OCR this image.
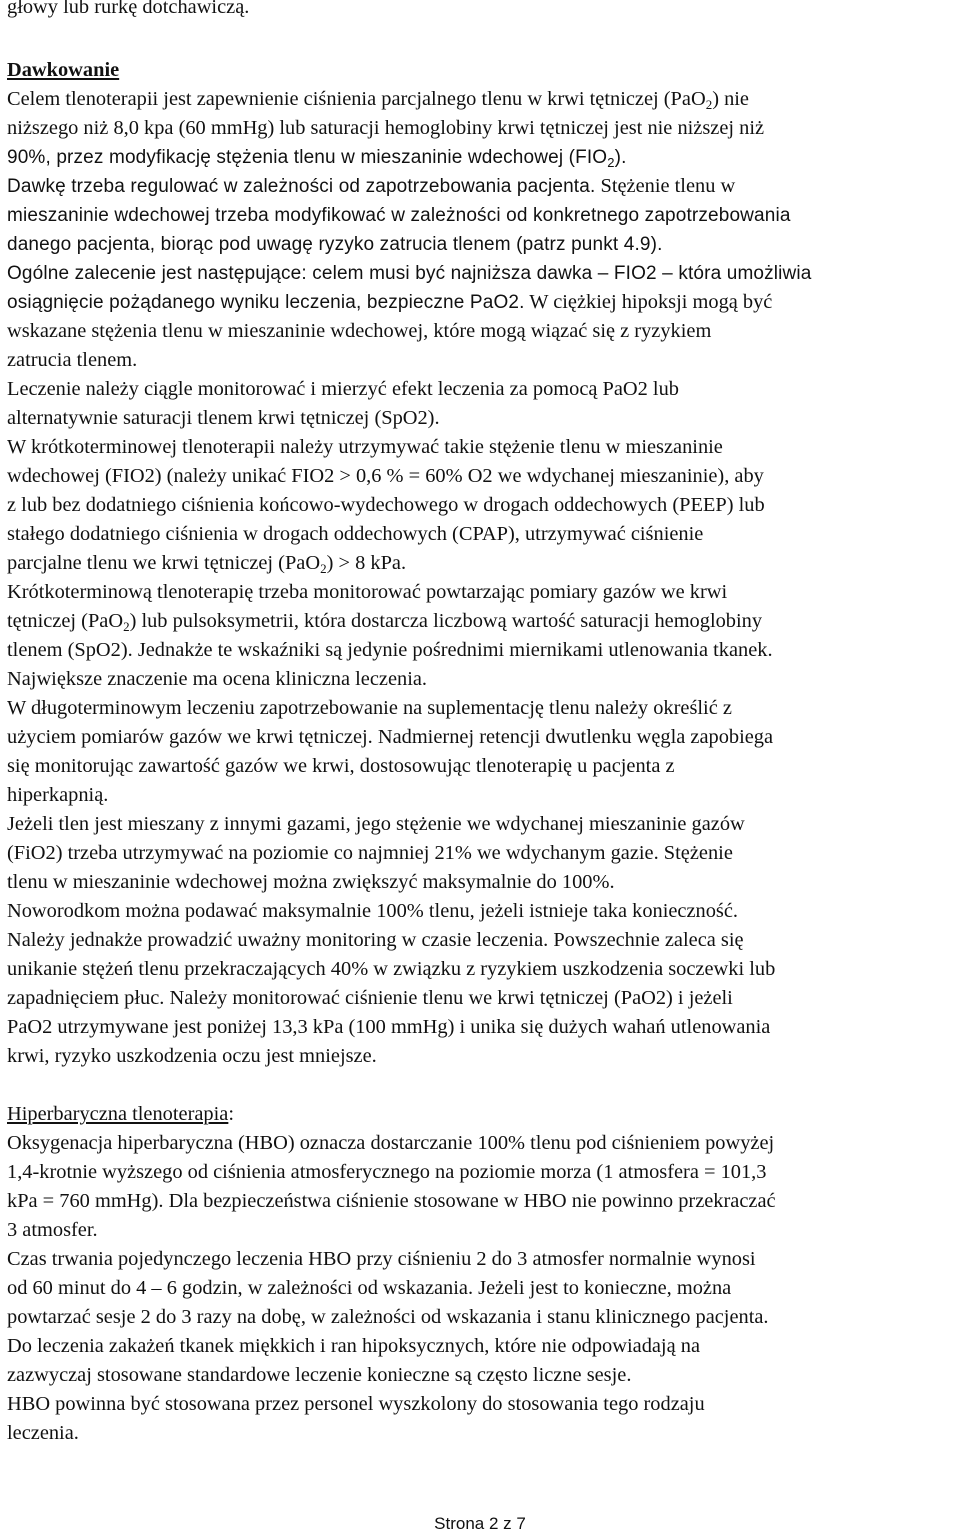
głowy lub rurkę dotchawiczą.
Dawkowanie
Celem tlenoterapii jest zapewnienie ciśnienia parcjalnego tlenu w krwi tętniczej (PaO$_2$) nie
niższego niż 8,0 kpa (60 mmHg) lub saturacji hemoglobiny krwi tętniczej jest nie niższej niż
90%, przez modyfikację stężenia tlenu w mieszaninie wdechowej $(FIO_2)$.
Dawkę trzeba regulować w zależności od zapotrzebowania pacjenta. Stężenie tlenu w
mieszaninie wdechowej trzeba modyfikować w zależności od konkretnego zapotrzebowania
danego pacjenta, biorąc pod uwagę ryzyko zatrucia tlenem (patrz punkt 4.9).
Ogólne zalecenie jest następujące: celem musi być najniższa dawka – FIO2 – która umożliwia
osiągnięcie pożądanego wyniku leczenia, bezpieczne PaO2. W ciężkiej hipoksji mogą być
wskazane stężenia tlenu w mieszaninie wdechowej, które mogą wiązać się z ryzykiem
zatrucia tlenem.
Leczenie należy ciągle monitorować i mierzyć efekt leczenia za pomocą PaO2 lub
alternatywnie saturacji tlenem krwi tętniczej (SpO2).
W krótkoterminowej tlenoterapii należy utrzymywać takie stężenie tlenu w mieszaninie
wdechowej (FIO2) (należy unikać FIO2 > 0,6 % = 60% O2 we wdychanej mieszaninie), aby
z lub bez dodatniego ciśnienia końcowo-wydechowego w drogach oddechowych (PEEP) lub
stałego dodatniego ciśnienia w drogach oddechowych (CPAP), utrzymywać ciśnienie
parcjalne tlenu we krwi tętniczej (PaO$_2$) > 8 kPa.
Krótkoterminową tlenoterapię trzeba monitorować powtarzając pomiary gazów we krwi
tętniczej (PaO$_2$) lub pulsoksymetrii, która dostarcza liczbową wartość saturacji hemoglobiny
tlenem (SpO2). Jednakże te wskaźniki są jedynie pośrednimi miernikami utlenowania tkanek.
Największe znaczenie ma ocena kliniczna leczenia.
W długoterminowym leczeniu zapotrzebowanie na suplementację tlenu należy określić z
użyciem pomiarów gazów we krwi tętniczej. Nadmiernej retencji dwutlenku węgla zapobiega
się monitorując zawartość gazów we krwi, dostosowując tlenoterapię u pacjenta z
hiperkapnią.
Jeżeli tlen jest mieszany z innymi gazami, jego stężenie we wdychanej mieszaninie gazów
(FiO2) trzeba utrzymywać na poziomie co najmniej 21% we wdychanym gazie. Stężenie
tlenu w mieszaninie wdechowej można zwiększyć maksymalnie do 100%.
Noworodkom można podawać maksymalnie 100% tlenu, jeżeli istnieje taka konieczność.
Należy jednakże prowadzić uważny monitoring w czasie leczenia. Powszechnie zaleca się
unikanie stężeń tlenu przekraczających 40% w związku z ryzykiem uszkodzenia soczewki lub
zapadnięciem płuc. Należy monitorować ciśnienie tlenu we krwi tętniczej (PaO2) i jeżeli
PaO2 utrzymywane jest poniżej 13,3 kPa (100 mmHg) i unika się dużych wahań utlenowania
krwi, ryzyko uszkodzenia oczu jest mniejsze.
Hiperbaryczna tlenoterapia:
Oksygenacja hiperbaryczna (HBO) oznacza dostarczanie 100% tlenu pod ciśnieniem powyżej
1,4-krotnie wyższego od ciśnienia atmosferycznego na poziomie morza (1 atmosfera = 101,3
kPa = 760 mmHg). Dla bezpieczeństwa ciśnienie stosowane w HBO nie powinno przekraczać
3 atmosfer.
Czas trwania pojedynczego leczenia HBO przy ciśnieniu 2 do 3 atmosfer normalnie wynosi
od 60 minut do 4 – 6 godzin, w zależności od wskazania. Jeżeli jest to konieczne, można
powtarzać sesje 2 do 3 razy na dobę, w zależności od wskazania i stanu klinicznego pacjenta.
Do leczenia zakażeń tkanek miękkich i ran hipoksycznych, które nie odpowiadają na
zazwyczaj stosowane standardowe leczenie konieczne są często liczne sesje.
HBO powinna być stosowana przez personel wyszkolony do stosowania tego rodzaju
leczenia.
Strona 2 z 7
